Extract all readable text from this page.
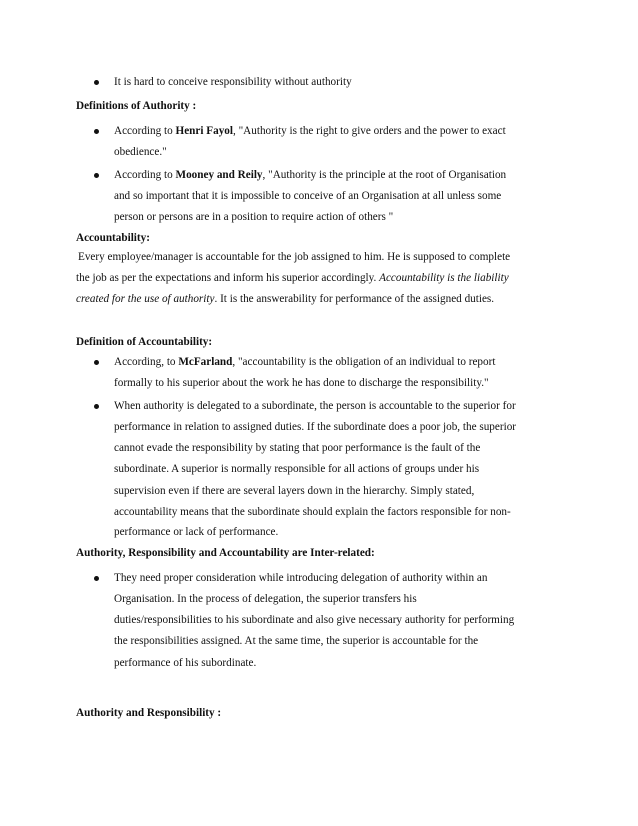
It is hard to conceive responsibility without authority
Definitions of Authority :
According to Henri Fayol, "Authority is the right to give orders and the power to exact
obedience."
According to Mooney and Reily, "Authority is the principle at the root of Organisation
and so important that it is impossible to conceive of an Organisation at all unless some
person or persons are in a position to require action of others "
Accountability:
Every employee/manager is accountable for the job assigned to him. He is supposed to complete
the job as per the expectations and inform his superior accordingly. Accountability is the liability
created for the use of authority. It is the answerability for performance of the assigned duties.
Definition of Accountability:
According, to McFarland, "accountability is the obligation of an individual to report
formally to his superior about the work he has done to discharge the responsibility."
When authority is delegated to a subordinate, the person is accountable to the superior for
performance in relation to assigned duties. If the subordinate does a poor job, the superior
cannot evade the responsibility by stating that poor performance is the fault of the
subordinate. A superior is normally responsible for all actions of groups under his
supervision even if there are several layers down in the hierarchy. Simply stated,
accountability means that the subordinate should explain the factors responsible for non-
performance or lack of performance.
Authority, Responsibility and Accountability are Inter-related:
They need proper consideration while introducing delegation of authority within an
Organisation. In the process of delegation, the superior transfers his
duties/responsibilities to his subordinate and also give necessary authority for performing
the responsibilities assigned. At the same time, the superior is accountable for the
performance of his subordinate.
Authority and Responsibility :
